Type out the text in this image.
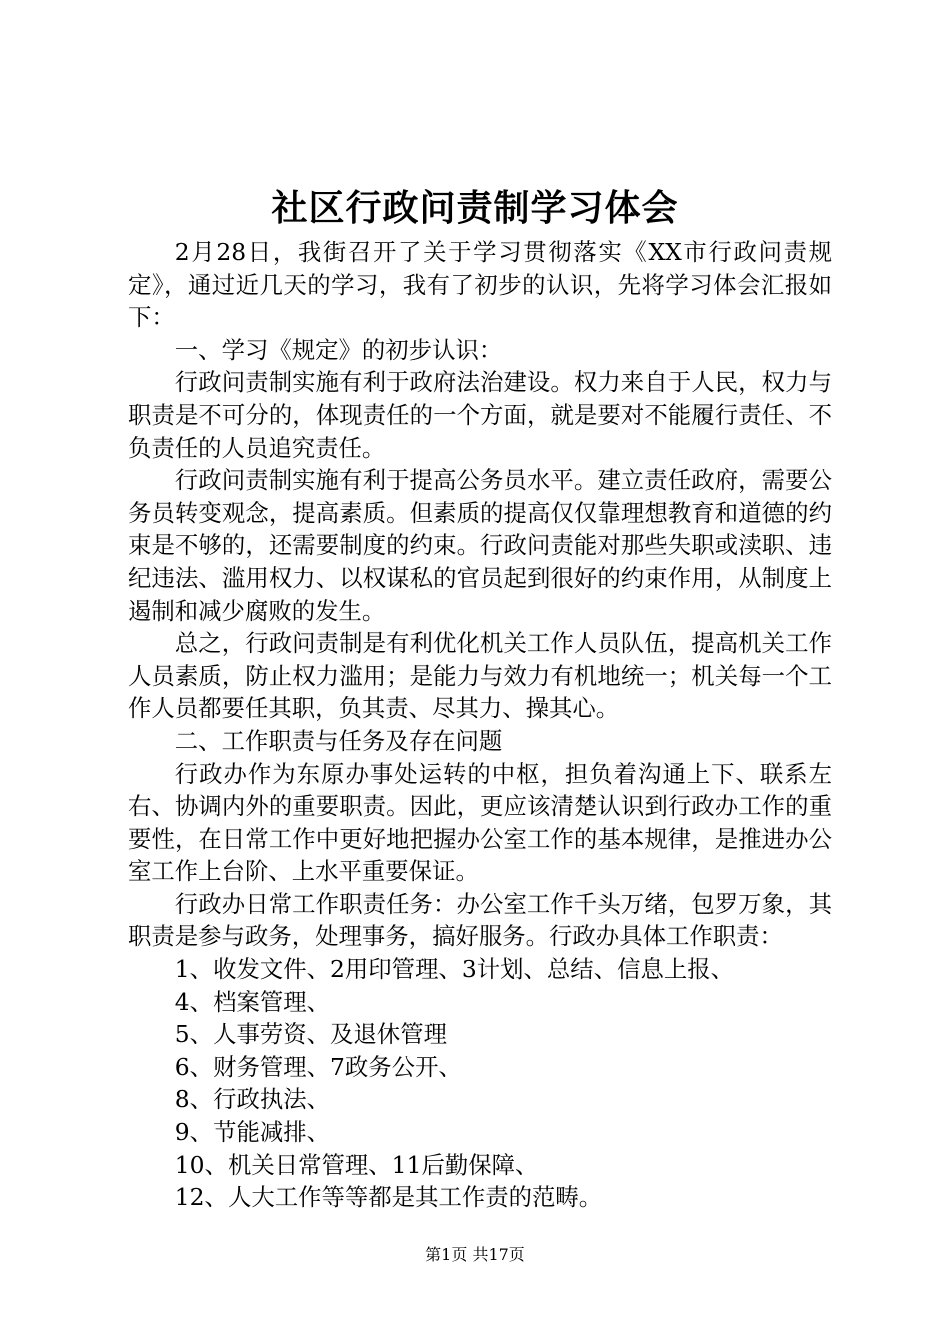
社区行政问责制学习体会

2月28日，我街召开了关于学习贯彻落实《XX市行政问责规定》，通过近几天的学习，我有了初步的认识，先将学习体会汇报如下：

一、学习《规定》的初步认识：

行政问责制实施有利于政府法治建设。权力来自于人民，权力与职责是不可分的，体现责任的一个方面，就是要对不能履行责任、不负责任的人员追究责任。

行政问责制实施有利于提高公务员水平。建立责任政府，需要公务员转变观念，提高素质。但素质的提高仅仅靠理想教育和道德的约束是不够的，还需要制度的约束。行政问责能对那些失职或渎职、违纪违法、滥用权力、以权谋私的官员起到很好的约束作用，从制度上遏制和减少腐败的发生。

总之，行政问责制是有利优化机关工作人员队伍，提高机关工作人员素质，防止权力滥用；是能力与效力有机地统一；机关每一个工作人员都要任其职，负其责、尽其力、操其心。

二、工作职责与任务及存在问题

行政办作为东原办事处运转的中枢，担负着沟通上下、联系左右、协调内外的重要职责。因此，更应该清楚认识到行政办工作的重要性，在日常工作中更好地把握办公室工作的基本规律，是推进办公室工作上台阶、上水平重要保证。

行政办日常工作职责任务：办公室工作千头万绪，包罗万象，其职责是参与政务，处理事务，搞好服务。行政办具体工作职责：

1、收发文件、2用印管理、3计划、总结、信息上报、

4、档案管理、

5、人事劳资、及退休管理

6、财务管理、7政务公开、

8、行政执法、

9、节能减排、

10、机关日常管理、11后勤保障、

12、人大工作等等都是其工作责的范畴。

第1页 共17页
